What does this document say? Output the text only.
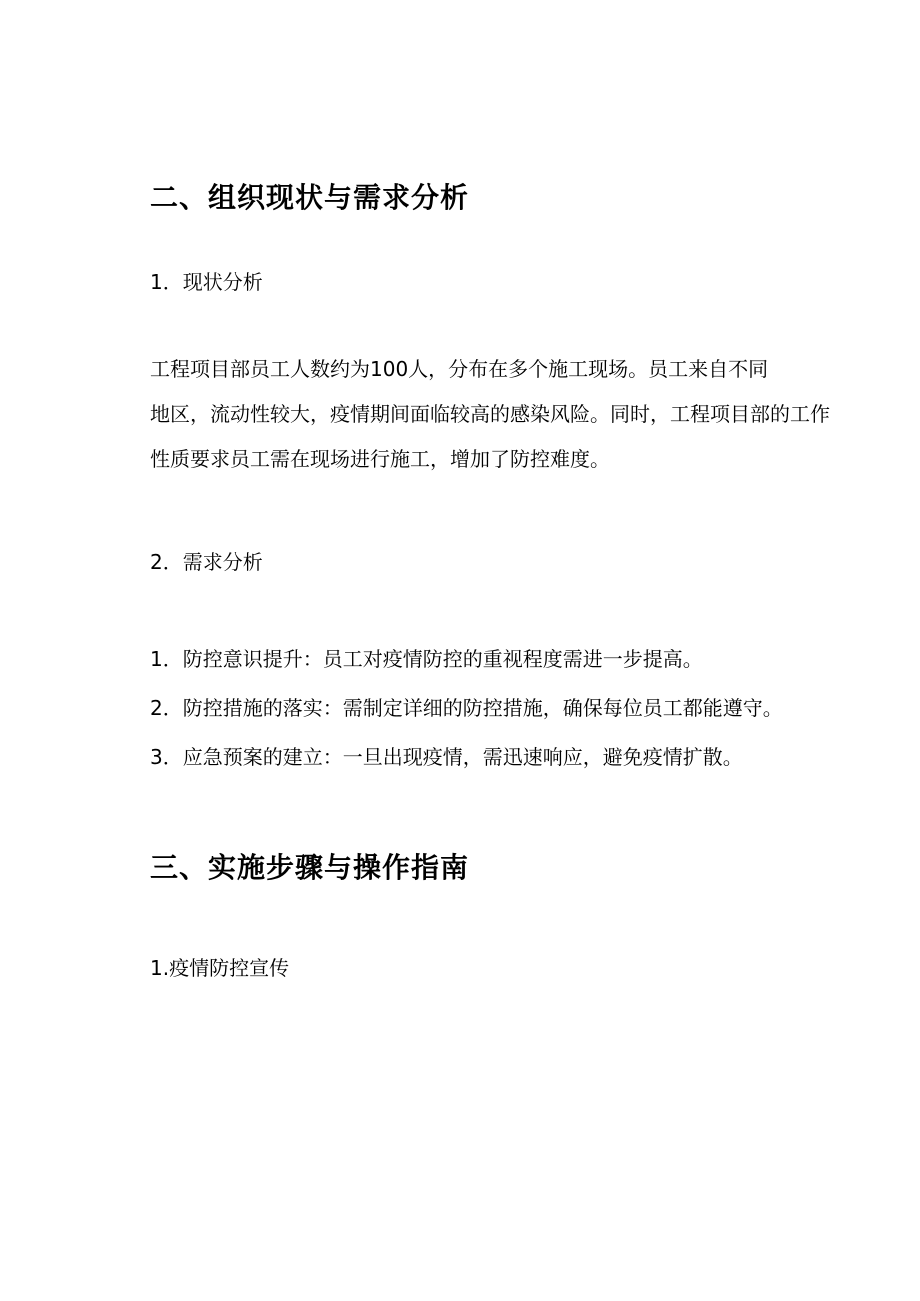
二、组织现状与需求分析
1．现状分析
工程项目部员工人数约为100人，分布在多个施工现场。员工来自不同
地区，流动性较大，疫情期间面临较高的感染风险。同时，工程项目部的工作
性质要求员工需在现场进行施工，增加了防控难度。
2．需求分析
1．防控意识提升：员工对疫情防控的重视程度需进一步提高。
2．防控措施的落实：需制定详细的防控措施，确保每位员工都能遵守。
3．应急预案的建立：一旦出现疫情，需迅速响应，避免疫情扩散。
三、实施步骤与操作指南
1.疫情防控宣传
